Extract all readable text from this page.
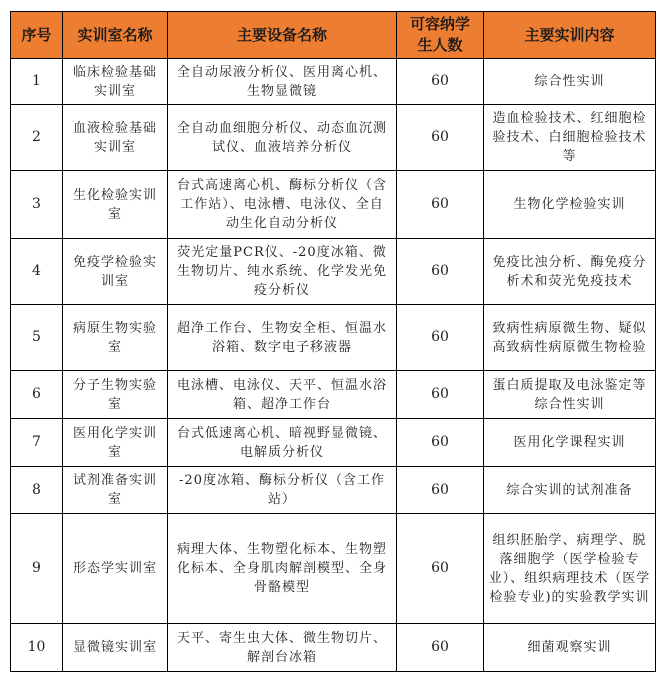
序号	实训室名称	主要设备名称	可容纳学生人数	主要实训内容
1	临床检验基础实训室	全自动尿液分析仪、医用离心机、生物显微镜	60	综合性实训
2	血液检验基础实训室	全自动血细胞分析仪、动态血沉测试仪、血液培养分析仪	60	造血检验技术、红细胞检验技术、白细胞检验技术等
3	生化检验实训室	台式高速离心机、酶标分析仪（含工作站）、电泳槽、电泳仪、全自动生化自动分析仪	60	生物化学检验实训
4	免疫学检验实训室	荧光定量PCR仪、-20度冰箱、微生物切片、纯水系统、化学发光免疫分析仪	60	免疫比浊分析、酶免疫分析术和荧光免疫技术
5	病原生物实验室	超净工作台、生物安全柜、恒温水浴箱、数字电子移液器	60	致病性病原微生物、疑似高致病性病原微生物检验
6	分子生物实验室	电泳槽、电泳仪、天平、恒温水浴箱、超净工作台	60	蛋白质提取及电泳鉴定等综合性实训
7	医用化学实训室	台式低速离心机、暗视野显微镜、电解质分析仪	60	医用化学课程实训
8	试剂准备实训室	-20度冰箱、酶标分析仪（含工作站）	60	综合实训的试剂准备
9	形态学实训室	病理大体、生物塑化标本、生物塑化标本、全身肌肉解剖模型、全身骨骼模型	60	组织胚胎学、病理学、脱落细胞学（医学检验专业）、组织病理技术（医学检验专业)的实验教学实训
10	显微镜实训室	天平、寄生虫大体、微生物切片、解剖台冰箱	60	细菌观察实训
